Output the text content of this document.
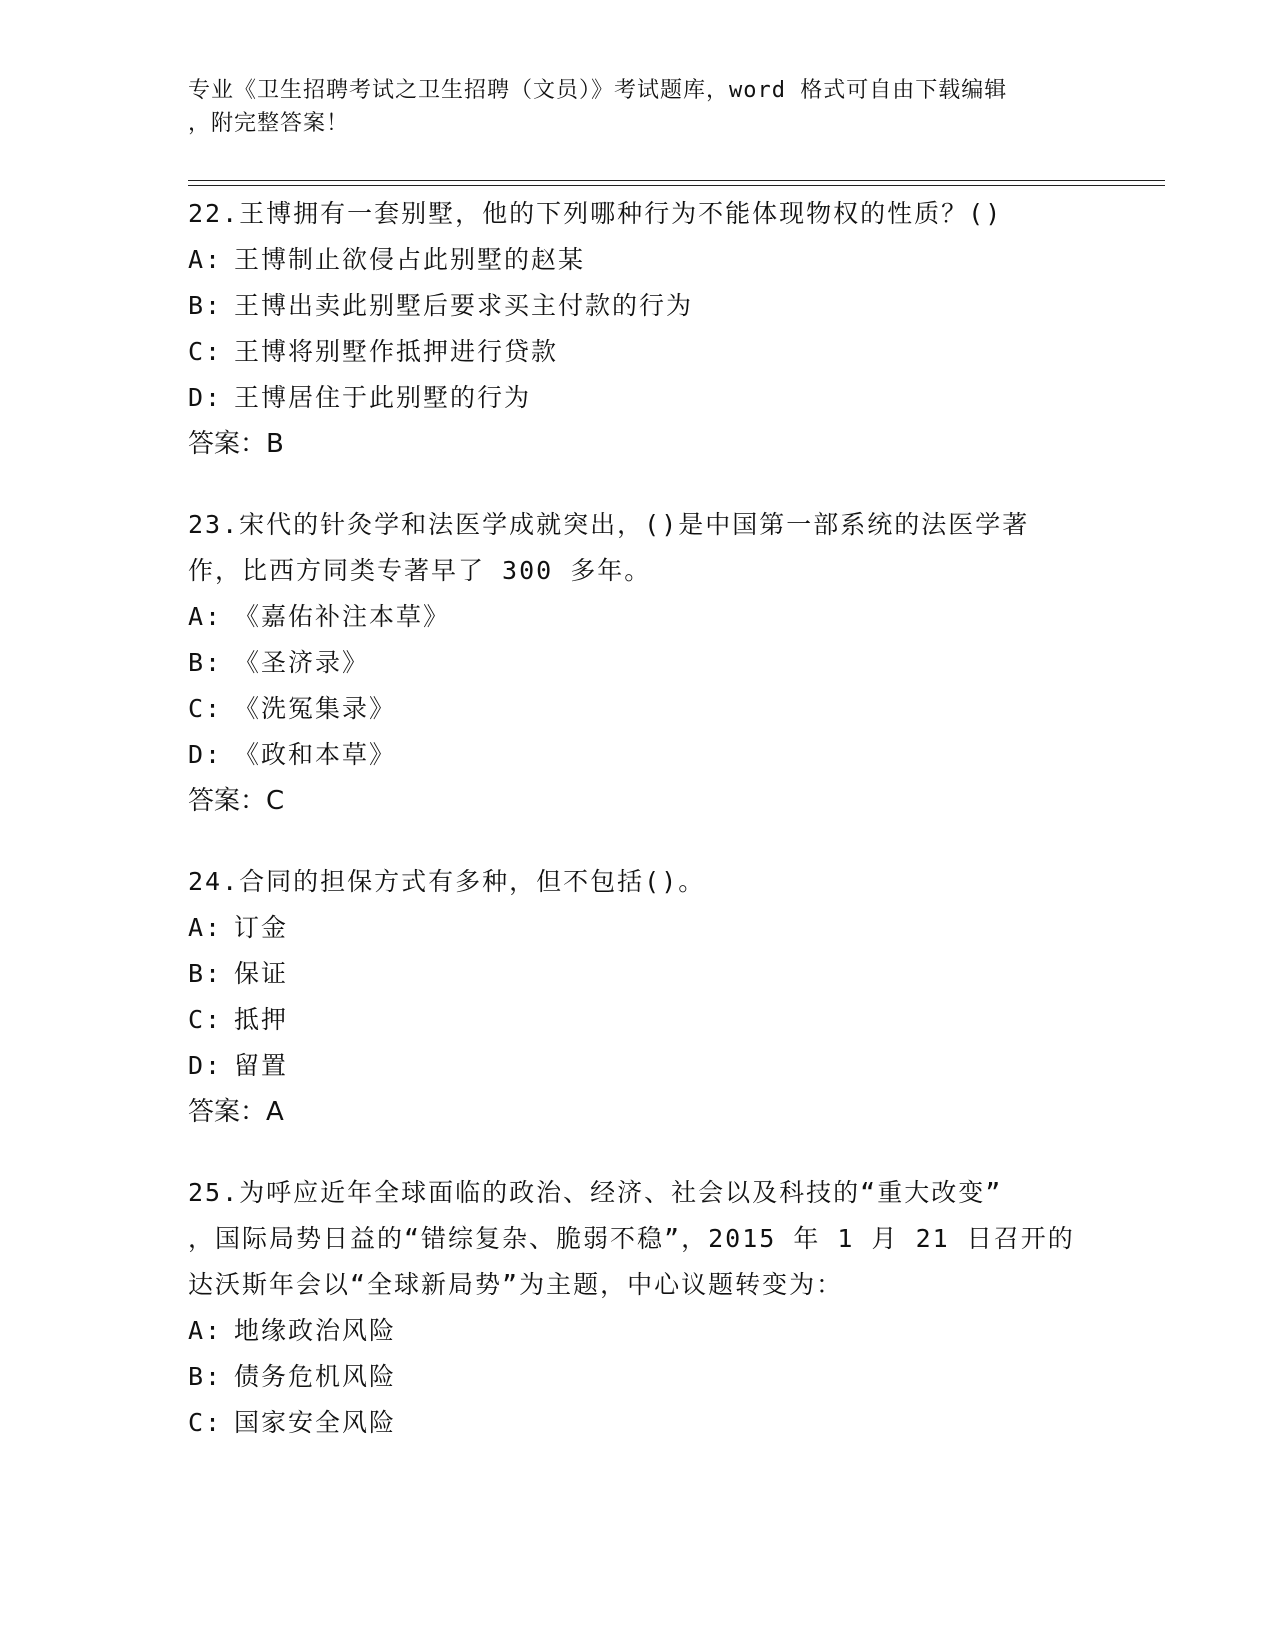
专业《卫生招聘考试之卫生招聘（文员）》考试题库，word 格式可自由下载编辑
，附完整答案！
22.王博拥有一套别墅，他的下列哪种行为不能体现物权的性质？()
A: 王博制止欲侵占此别墅的赵某
B: 王博出卖此别墅后要求买主付款的行为
C: 王博将别墅作抵押进行贷款
D: 王博居住于此别墅的行为
答案：B
23.宋代的针灸学和法医学成就突出，()是中国第一部系统的法医学著
作，比西方同类专著早了 300 多年。
A: 《嘉佑补注本草》
B: 《圣济录》
C: 《洗冤集录》
D: 《政和本草》
答案：C
24.合同的担保方式有多种，但不包括()。
A: 订金
B: 保证
C: 抵押
D: 留置
答案：A
25.为呼应近年全球面临的政治、经济、社会以及科技的“重大改变”
，国际局势日益的“错综复杂、脆弱不稳”，2015 年 1 月 21 日召开的
达沃斯年会以“全球新局势”为主题，中心议题转变为：
A: 地缘政治风险
B: 债务危机风险
C: 国家安全风险
